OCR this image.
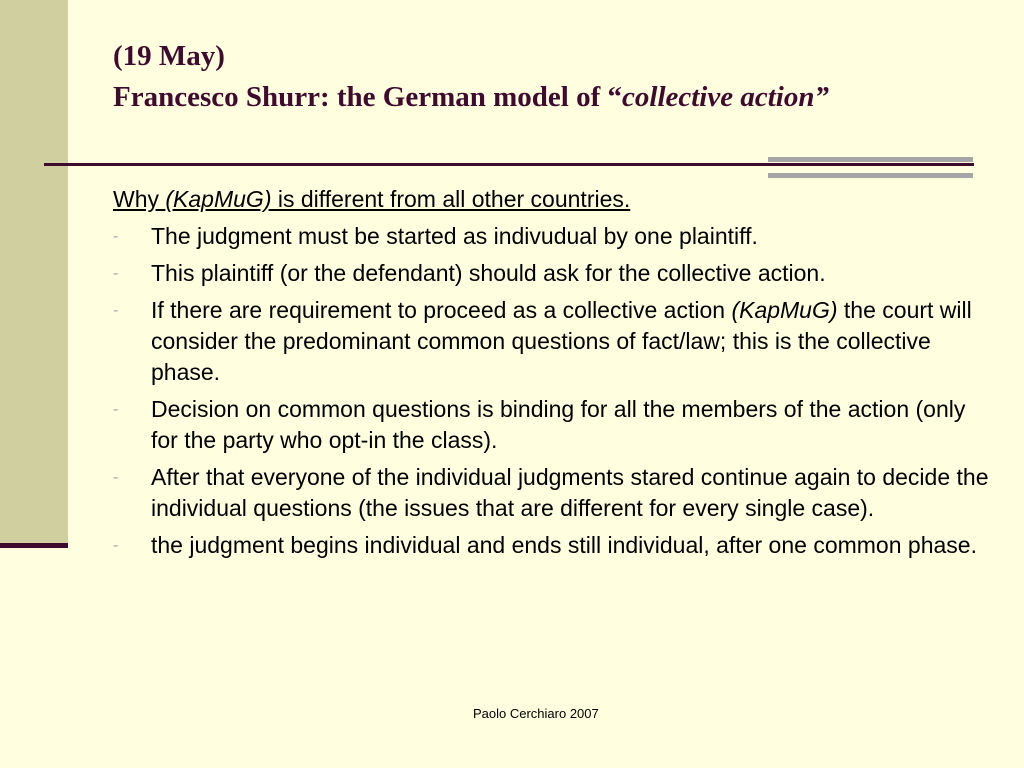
(19 May)
Francesco Shurr: the German model of “collective action”
Why (KapMuG) is different from all other countries.
- The judgment must be started as indivudual by one plaintiff.
- This plaintiff (or the defendant) should ask for the collective action.
- If there are requirement to proceed as a collective action (KapMuG) the court will consider the predominant common questions of fact/law; this is the collective phase.
- Decision on common questions is binding for all the members of the action (only for the party who opt-in the class).
- After that everyone of the individual judgments stared continue again to decide the individual questions (the issues that are different for every single case).
- the judgment begins individual and ends still individual, after one common phase.
Paolo Cerchiaro 2007
